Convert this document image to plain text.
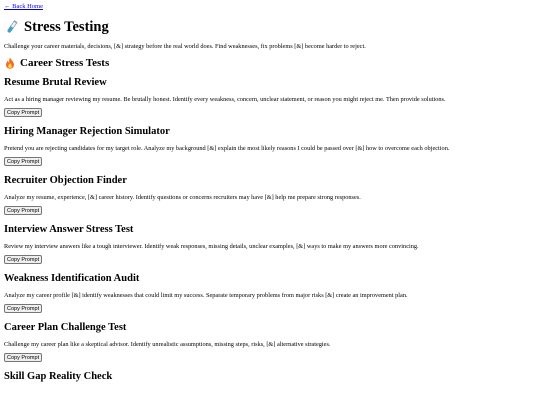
← Back Home
Stress Testing

Challenge your career materials, decisions, [&] strategy before the real world does. Find weaknesses, fix problems [&] become harder to reject.

Career Stress Tests
Resume Brutal Review

Act as a hiring manager reviewing my resume. Be brutally honest. Identify every weakness, concern, unclear statement, or reason you might reject me. Then provide solutions.

Copy Prompt
Hiring Manager Rejection Simulator

Pretend you are rejecting candidates for my target role. Analyze my background [&] explain the most likely reasons I could be passed over [&] how to overcome each objection.

Copy Prompt
Recruiter Objection Finder

Analyze my resume, experience, [&] career history. Identify questions or concerns recruiters may have [&] help me prepare strong responses.

Copy Prompt
Interview Answer Stress Test

Review my interview answers like a tough interviewer. Identify weak responses, missing details, unclear examples, [&] ways to make my answers more convincing.

Copy Prompt
Weakness Identification Audit

Analyze my career profile [&] identify weaknesses that could limit my success. Separate temporary problems from major risks [&] create an improvement plan.

Copy Prompt
Career Plan Challenge Test

Challenge my career plan like a skeptical advisor. Identify unrealistic assumptions, missing steps, risks, [&] alternative strategies.

Copy Prompt
Skill Gap Reality Check
